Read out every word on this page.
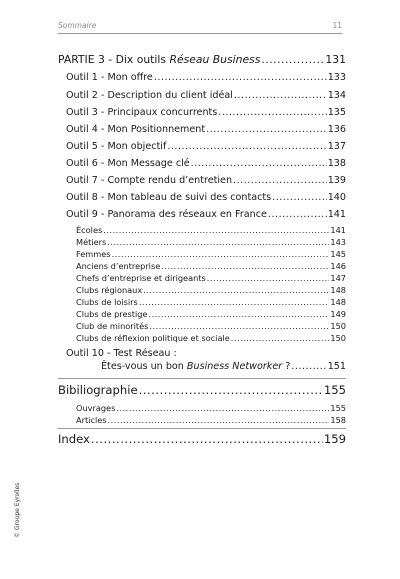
Sommaire	11
PARTIE 3 - Dix outils Réseau Business .....	131
Outil 1 - Mon offre .....	133
Outil 2 - Description du client idéal .....	134
Outil 3 - Principaux concurrents .....	135
Outil 4 - Mon Positionnement .....	136
Outil 5 - Mon objectif .....	137
Outil 6 - Mon Message clé .....	138
Outil 7 - Compte rendu d’entretien .....	139
Outil 8 - Mon tableau de suivi des contacts .....	140
Outil 9 - Panorama des réseaux en France .....	141
Écoles .....	141
Métiers .....	143
Femmes .....	145
Anciens d’entreprise .....	146
Chefs d’entreprise et dirigeants .....	147
Clubs régionaux .....	148
Clubs de loisirs .....	148
Clubs de prestige .....	149
Club de minorités .....	150
Clubs de réflexion politique et sociale .....	150
Outil 10 - Test Réseau :
Êtes-vous un bon Business Networker ? .....	151
Bibiliographie .....	155
Ouvrages .....	155
Articles .....	158
Index .....	159
© Groupe Eyrolles
